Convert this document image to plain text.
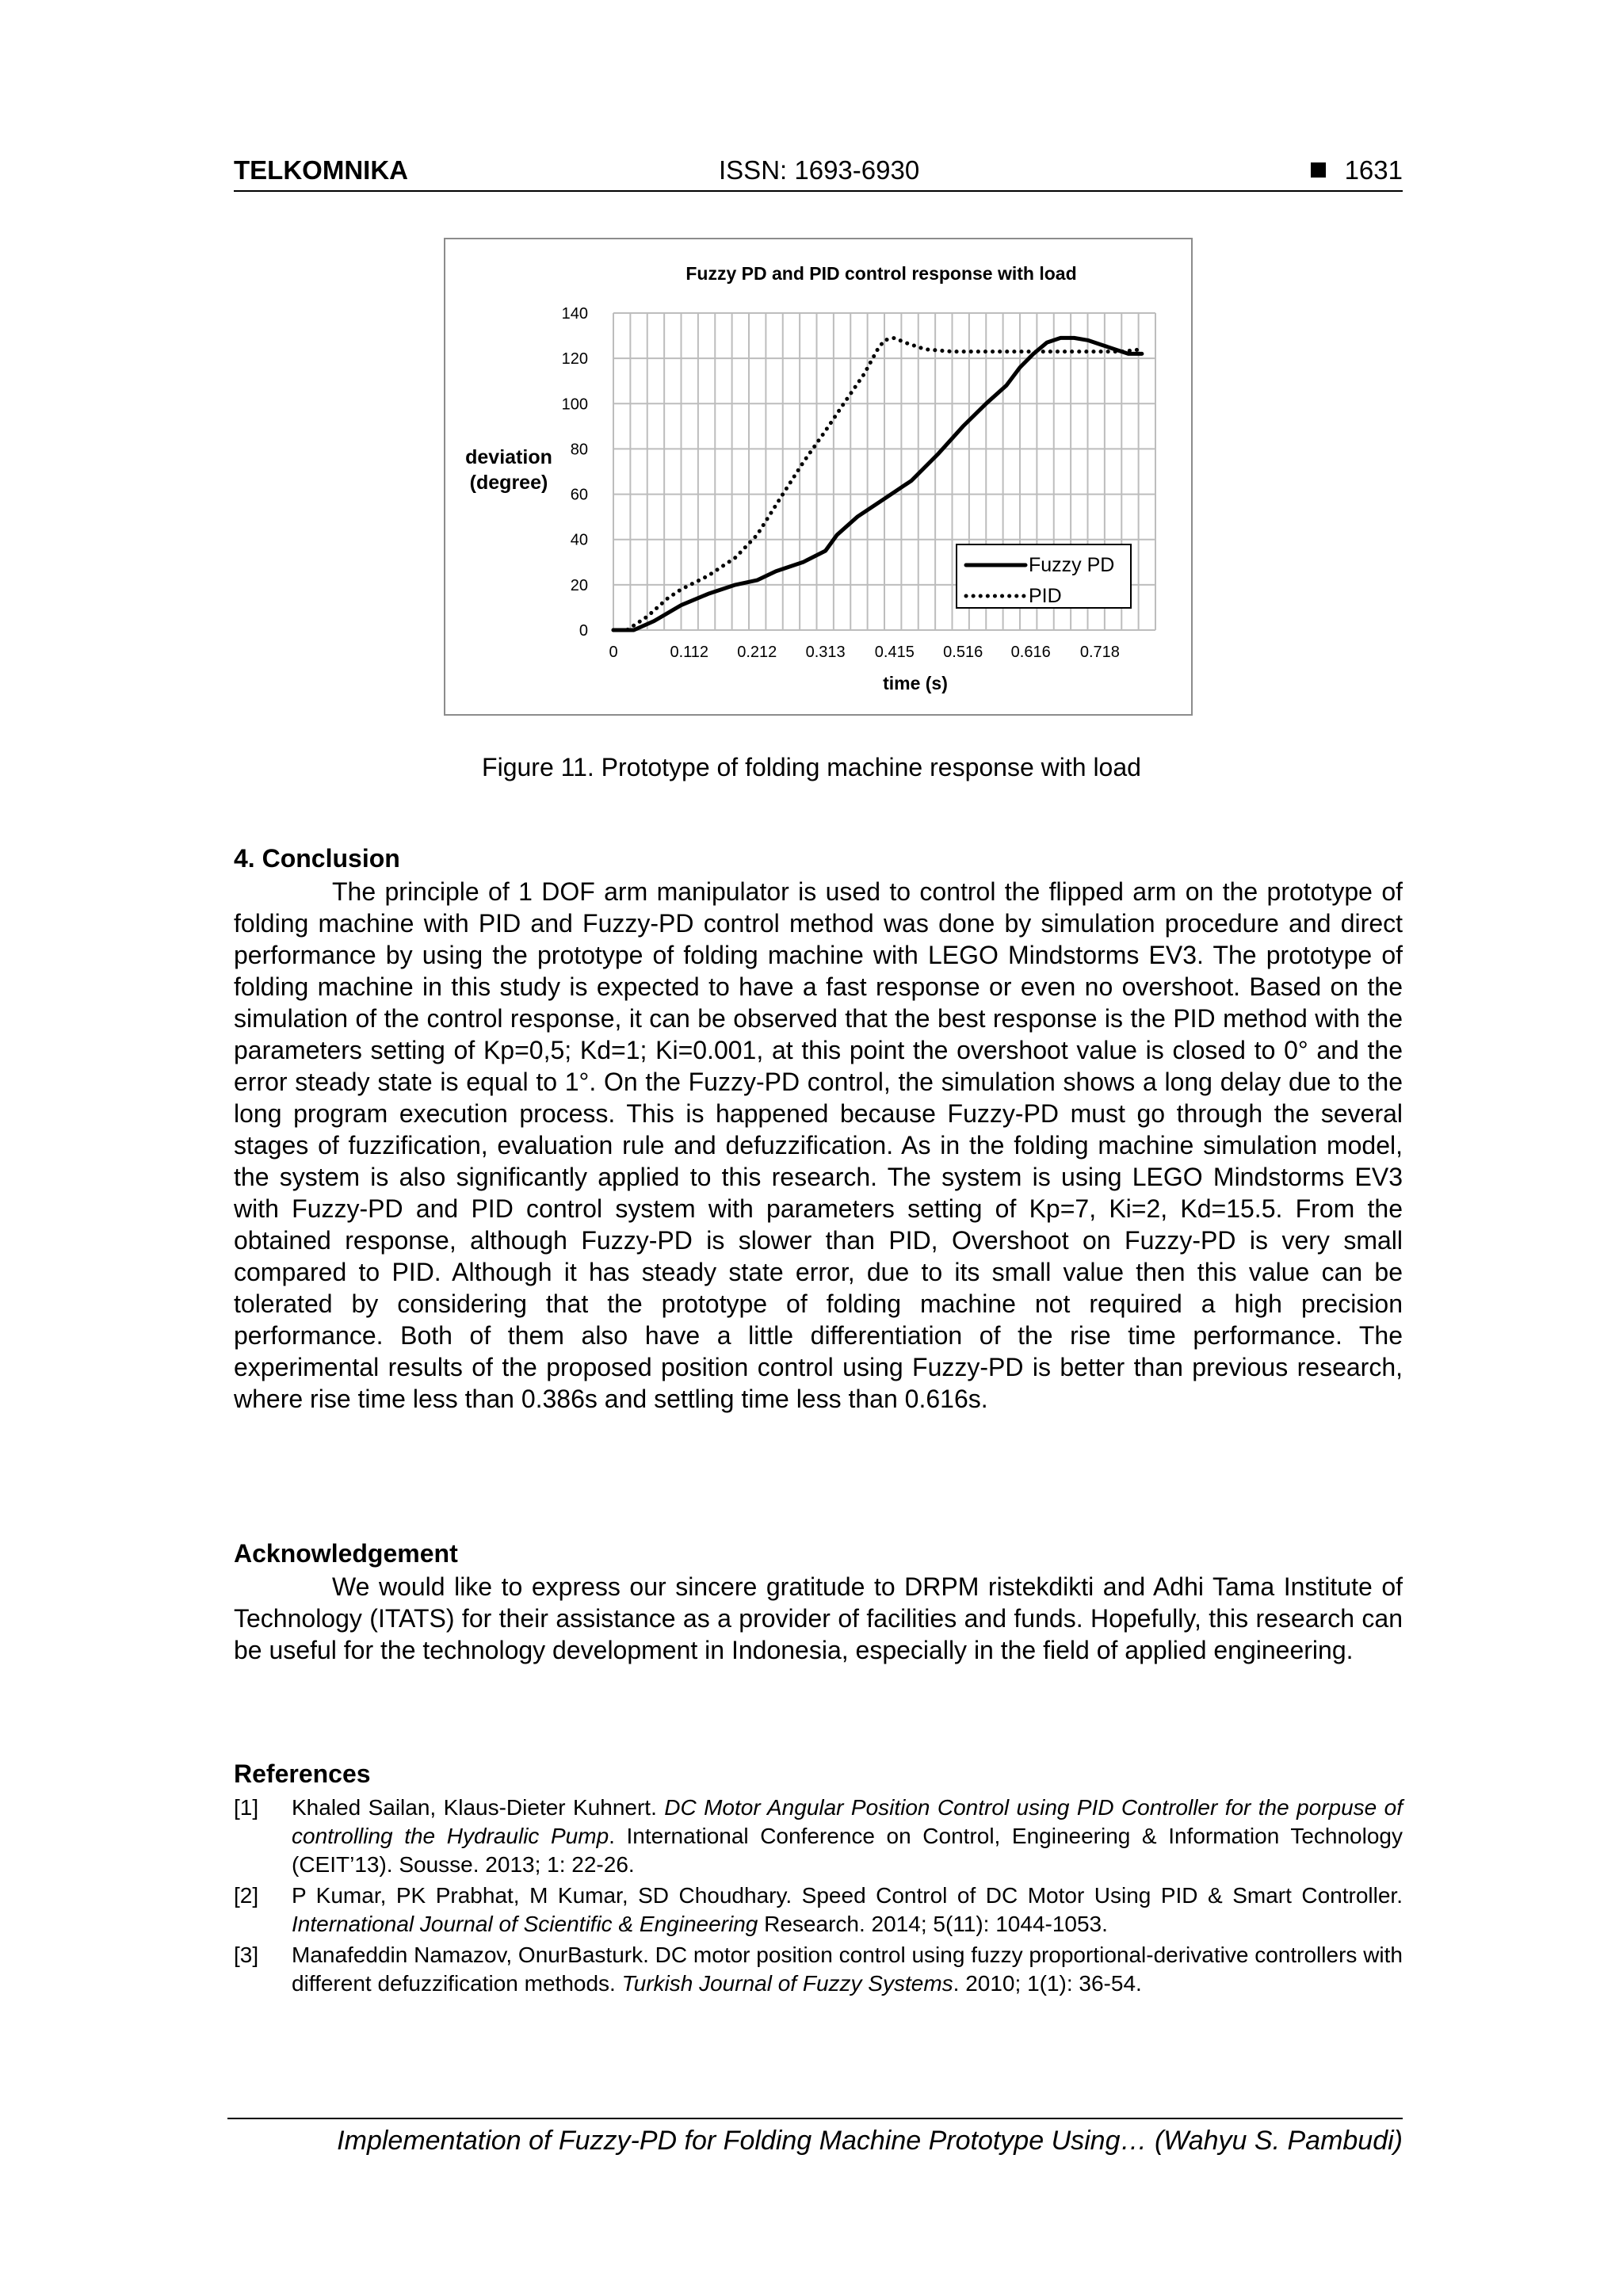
TELKOMNIKA	ISSN: 1693-6930	1631
0
20
40
60
80
100
120
140
0	0.112 0.212 0.313 0.415 0.516 0.616 0.718
Fuzzy PD and PID control response with load
time (s)
deviation
(degree)
Fuzzy PD
PID
Figure 11. Prototype of folding machine response with load
4. Conclusion
The principle of 1 DOF arm manipulator is used to control the flipped arm on the prototype of folding machine with PID and Fuzzy-PD control method was done by simulation procedure and direct performance by using the prototype of folding machine with LEGO Mindstorms EV3. The prototype of folding machine in this study is expected to have a fast response or even no overshoot. Based on the simulation of the control response, it can be observed that the best response is the PID method with the parameters setting of Kp=0,5; Kd=1; Ki=0.001, at this point the overshoot value is closed to 0° and the error steady state is equal to 1°. On the Fuzzy-PD control, the simulation shows a long delay due to the long program execution process. This is happened because Fuzzy-PD must go through the several stages of fuzzification, evaluation rule and defuzzification. As in the folding machine simulation model, the system is also significantly applied to this research. The system is using LEGO Mindstorms EV3 with Fuzzy-PD and PID control system with parameters setting of Kp=7, Ki=2, Kd=15.5. From the obtained response, although Fuzzy-PD is slower than PID, Overshoot on Fuzzy-PD is very small compared to PID. Although it has steady state error, due to its small value then this value can be tolerated by considering that the prototype of folding machine not required a high precision performance. Both of them also have a little differentiation of the rise time performance. The experimental results of the proposed position control using Fuzzy-PD is better than previous research, where rise time less than 0.386s and settling time less than 0.616s.
Acknowledgement
We would like to express our sincere gratitude to DRPM ristekdikti and Adhi Tama Institute of Technology (ITATS) for their assistance as a provider of facilities and funds. Hopefully, this research can be useful for the technology development in Indonesia, especially in the field of applied engineering.
References
[1] Khaled Sailan, Klaus-Dieter Kuhnert. DC Motor Angular Position Control using PID Controller for the porpuse of controlling the Hydraulic Pump. International Conference on Control, Engineering & Information Technology (CEIT’13). Sousse. 2013; 1: 22-26.
[2] P Kumar, PK Prabhat, M Kumar, SD Choudhary. Speed Control of DC Motor Using PID & Smart Controller. International Journal of Scientific & Engineering Research. 2014; 5(11): 1044-1053.
[3] Manafeddin Namazov, OnurBasturk. DC motor position control using fuzzy proportional-derivative controllers with different defuzzification methods. Turkish Journal of Fuzzy Systems. 2010; 1(1): 36-54.
Implementation of Fuzzy-PD for Folding Machine Prototype Using… (Wahyu S. Pambudi)
